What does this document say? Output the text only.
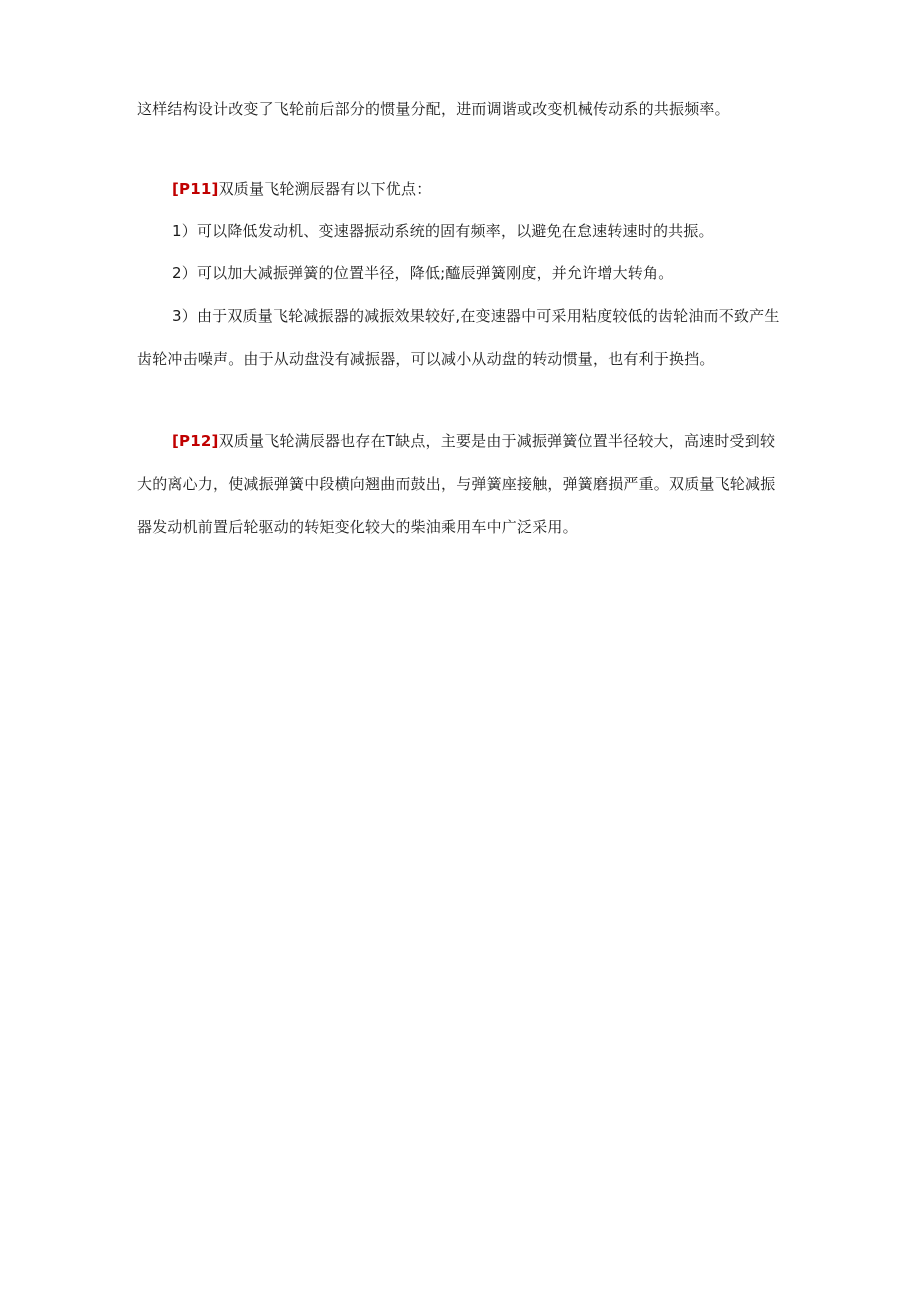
这样结构设计改变了飞轮前后部分的惯量分配，进而调谐或改变机械传动系的共振频率。
[P11]双质量飞轮溯辰器有以下优点：
1）可以降低发动机、变速器振动系统的固有频率，以避免在怠速转速时的共振。
2）可以加大减振弹簧的位置半径，降低;醯辰弹簧刚度，并允许增大转角。
3）由于双质量飞轮减振器的减振效果较好,在变速器中可采用粘度较低的齿轮油而不致产生
齿轮冲击噪声。由于从动盘没有减振器，可以减小从动盘的转动惯量，也有利于换挡。
[P12]双质量飞轮满辰器也存在T缺点，主要是由于减振弹簧位置半径较大，高速时受到较
大的离心力，使减振弹簧中段横向翘曲而鼓出，与弹簧座接触，弹簧磨损严重。双质量飞轮减振
器发动机前置后轮驱动的转矩变化较大的柴油乘用车中广泛采用。
